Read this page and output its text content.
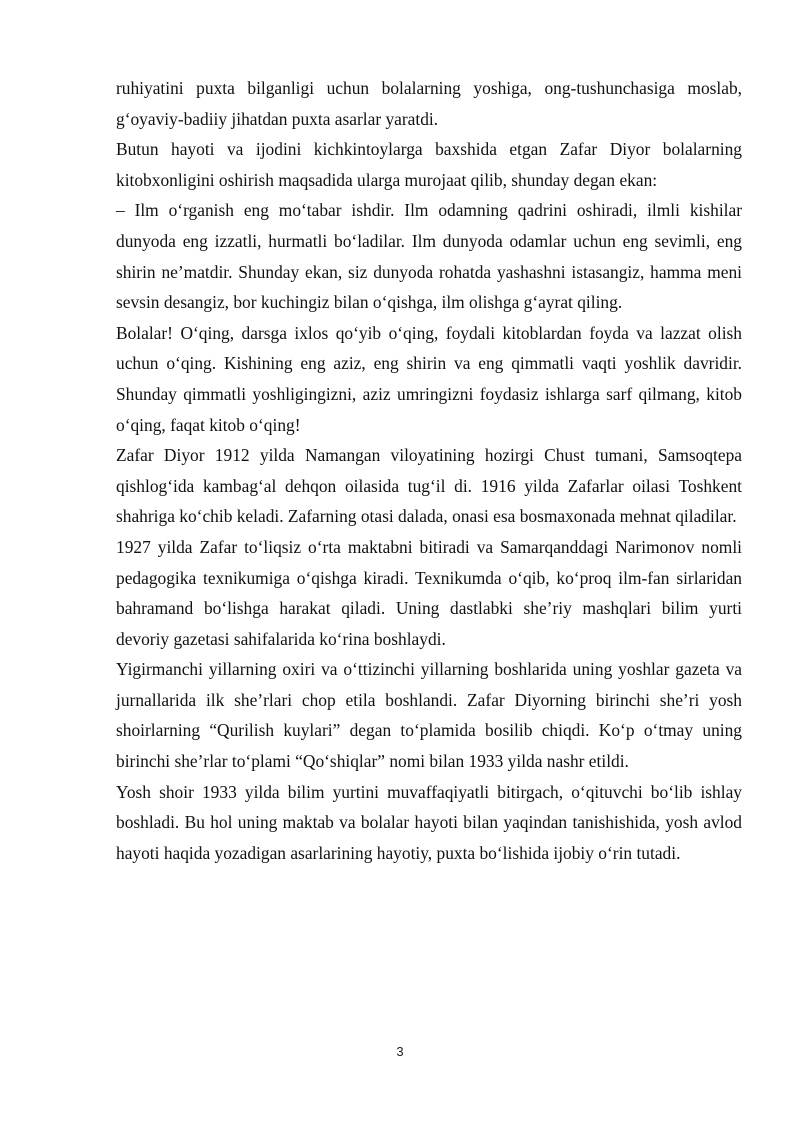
ruhiyatini puxta bilganligi uchun bolalarning yoshiga, ong-tushunchasiga moslab, g‘oyaviy-badiiy jihatdan puxta asarlar yaratdi.

Butun hayoti va ijodini kichkintoylarga baxshida etgan Zafar Diyor bolalarning kitobxonligini oshirish maqsadida ularga murojaat qilib, shunday degan ekan:

– Ilm o‘rganish eng mo‘tabar ishdir. Ilm odamning qadrini oshiradi, ilmli kishilar dunyoda eng izzatli, hurmatli bo‘ladilar. Ilm dunyoda odamlar uchun eng sevimli, eng shirin ne’matdir. Shunday ekan, siz dunyoda rohatda yashashni istasangiz, hamma meni sevsin desangiz, bor kuchingiz bilan o‘qishga, ilm olishga g‘ayrat qiling.

Bolalar! O‘qing, darsga ixlos qo‘yib o‘qing, foydali kitoblardan foyda va lazzat olish uchun o‘qing. Kishining eng aziz, eng shirin va eng qimmatli vaqti yoshlik davridir. Shunday qimmatli yoshligingizni, aziz umringizni foydasiz ishlarga sarf qilmang, kitob o‘qing, faqat kitob o‘qing!

Zafar Diyor 1912 yilda Namangan viloyatining hozirgi Chust tumani, Samsoqtepa qishlog‘ida kambag‘al dehqon oilasida tug‘il di. 1916 yilda Zafarlar oilasi Toshkent shahriga ko‘chib keladi. Zafarning otasi dalada, onasi esa bosmaxonada mehnat qiladilar.

1927 yilda Zafar to‘liqsiz o‘rta maktabni bitiradi va Samarqanddagi Narimonov nomli pedagogika texnikumiga o‘qishga kiradi. Texnikumda o‘qib, ko‘proq ilm-fan sirlaridan bahramand bo‘lishga harakat qiladi. Uning dastlabki she’riy mashqlari bilim yurti devoriy gazetasi sahifalarida ko‘rina boshlaydi.

Yigirmanchi yillarning oxiri va o‘ttizinchi yillarning boshlarida uning yoshlar gazeta va jurnallarida ilk she’rlari chop etila boshlandi. Zafar Diyorning birinchi she’ri yosh shoirlarning “Qurilish kuylari” degan to‘plamida bosilib chiqdi. Ko‘p o‘tmay uning birinchi she’rlar to‘plami “Qo‘shiqlar” nomi bilan 1933 yilda nashr etildi.

Yosh shoir 1933 yilda bilim yurtini muvaffaqiyatli bitirgach, o‘qituvchi bo‘lib ishlay boshladi. Bu hol uning maktab va bolalar hayoti bilan yaqindan tanishishida, yosh avlod hayoti haqida yozadigan asarlarining hayotiy, puxta bo‘lishida ijobiy o‘rin tutadi.

3
